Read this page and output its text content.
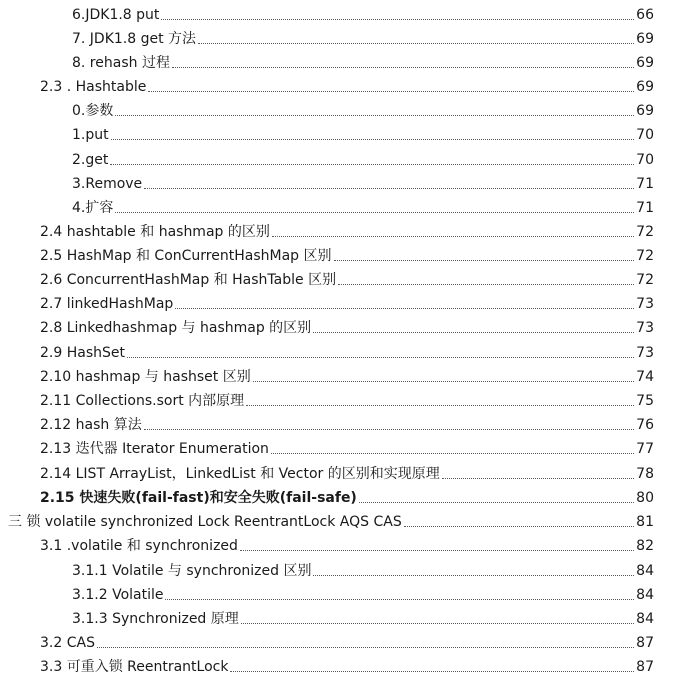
6.JDK1.8 put	66
7. JDK1.8 get 方法	69
8. rehash 过程	69
2.3 . Hashtable	69
0.参数	69
1.put	70
2.get	70
3.Remove	71
4.扩容	71
2.4 hashtable 和 hashmap 的区别	72
2.5 HashMap 和 ConCurrentHashMap 区别	72
2.6 ConcurrentHashMap 和 HashTable 区别	72
2.7 linkedHashMap	73
2.8 Linkedhashmap 与 hashmap 的区别	73
2.9 HashSet	73
2.10 hashmap 与 hashset 区别	74
2.11 Collections.sort 内部原理	75
2.12 hash 算法	76
2.13 迭代器 Iterator Enumeration	77
2.14 LIST ArrayList，LinkedList 和 Vector 的区别和实现原理	78
2.15 快速失败(fail-fast)和安全失败(fail-safe)	80
三 锁 volatile synchronized Lock ReentrantLock AQS CAS	81
3.1 .volatile 和 synchronized	82
3.1.1 Volatile 与 synchronized 区别	84
3.1.2 Volatile	84
3.1.3 Synchronized 原理	84
3.2 CAS	87
3.3 可重入锁 ReentrantLock	87
